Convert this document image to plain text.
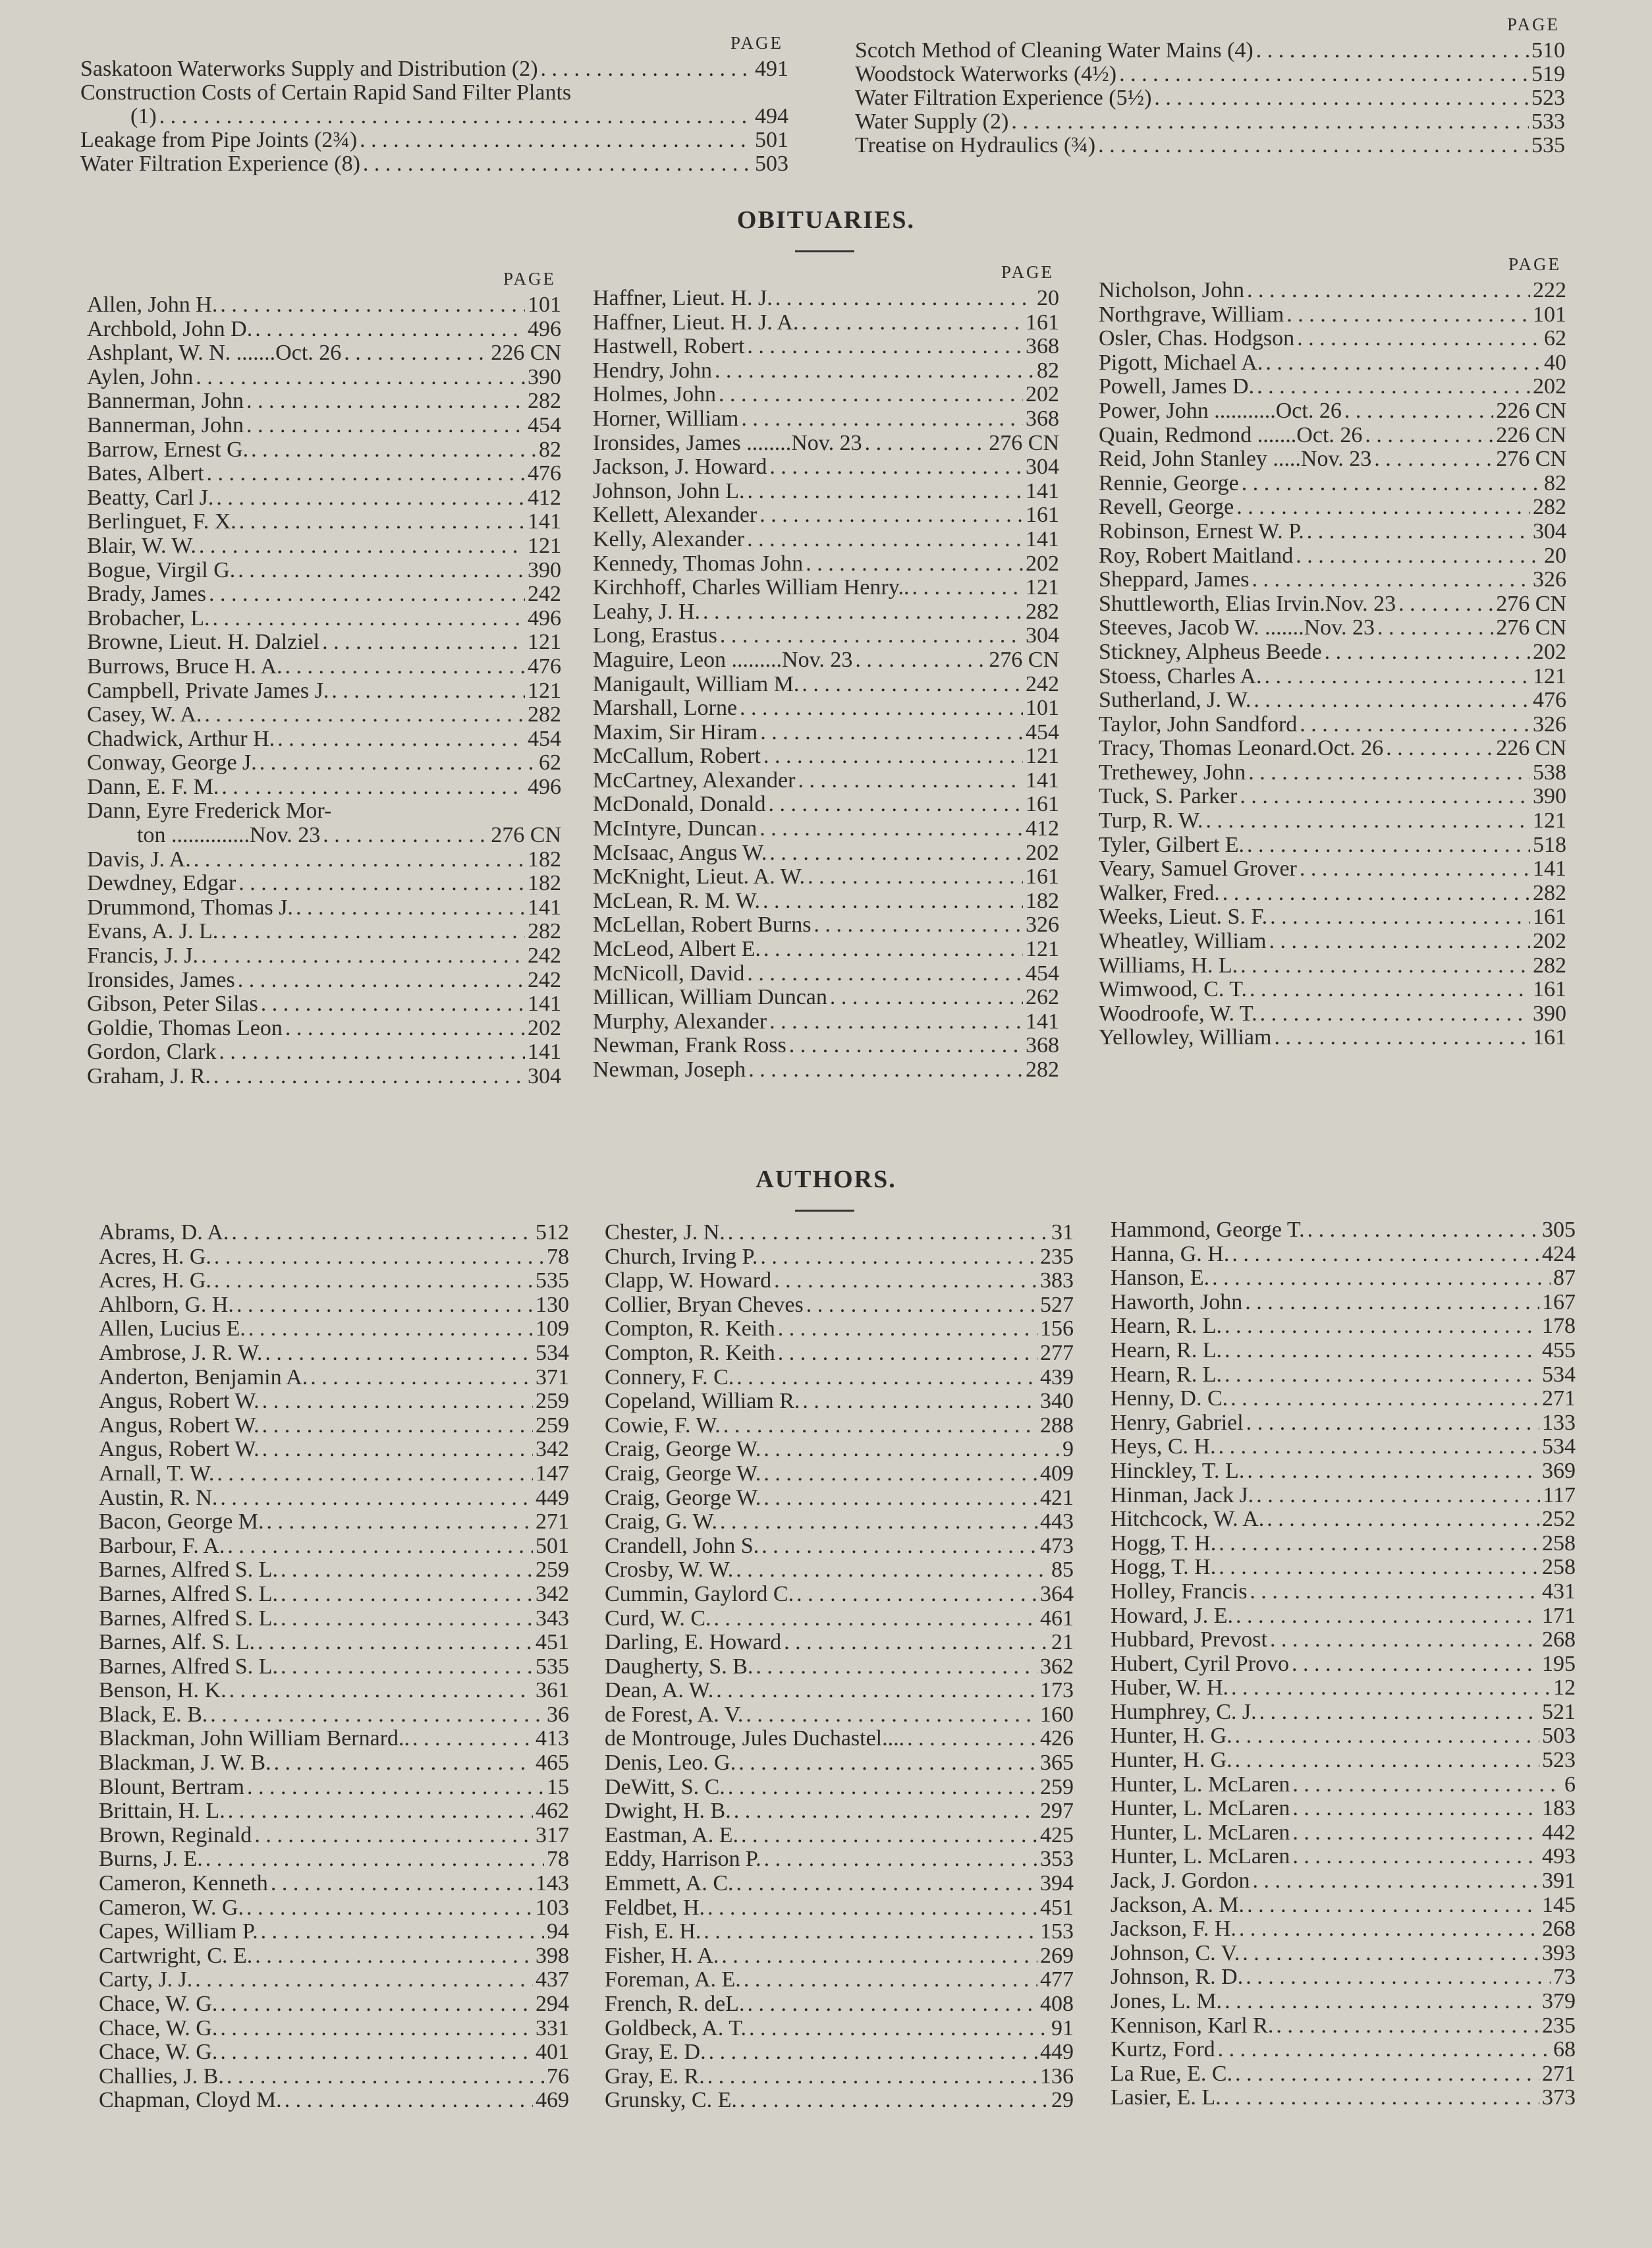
PAGE
Saskatoon Waterworks Supply and Distribution (2) . . .	491
Construction Costs of Certain Rapid Sand Filter Plants
(1) . . .	494
Leakage from Pipe Joints (2¾) . . .	501
Water Filtration Experience (8) . . .	503
PAGE
Scotch Method of Cleaning Water Mains (4) . . .	510
Woodstock Waterworks (4½) . . .	519
Water Filtration Experience (5½) . . .	523
Water Supply (2) . . .	533
Treatise on Hydraulics (¾) . . .	535
OBITUARIES.
PAGE
Allen, John H. . . .	101
Archbold, John D. . . .	496
Ashplant, W. N. .......Oct. 26 . . .	226 CN
Aylen, John . . .	390
Bannerman, John . . .	282
Bannerman, John . . .	454
Barrow, Ernest G. . . .	82
Bates, Albert . . .	476
Beatty, Carl J. . . .	412
Berlinguet, F. X. . . .	141
Blair, W. W. . . .	121
Bogue, Virgil G. . . .	390
Brady, James . . .	242
Brobacher, L. . . .	496
Browne, Lieut. H. Dalziel . . .	121
Burrows, Bruce H. A. . . .	476
Campbell, Private James J. . . .	121
Casey, W. A. . . .	282
Chadwick, Arthur H. . . .	454
Conway, George J. . . .	62
Dann, E. F. M. . . .	496
Dann, Eyre Frederick Mor-
ton ..............Nov. 23 . . .	276 CN
Davis, J. A. . . .	182
Dewdney, Edgar . . .	182
Drummond, Thomas J. . . .	141
Evans, A. J. L. . . .	282
Francis, J. J. . . .	242
Ironsides, James . . .	242
Gibson, Peter Silas . . .	141
Goldie, Thomas Leon . . .	202
Gordon, Clark . . .	141
Graham, J. R. . . .	304
PAGE
Haffner, Lieut. H. J. . . .	20
Haffner, Lieut. H. J. A. . . .	161
Hastwell, Robert . . .	368
Hendry, John . . .	82
Holmes, John . . .	202
Horner, William . . .	368
Ironsides, James ........Nov. 23 . . .	276 CN
Jackson, J. Howard . . .	304
Johnson, John L. . . .	141
Kellett, Alexander . . .	161
Kelly, Alexander . . .	141
Kennedy, Thomas John . . .	202
Kirchhoff, Charles William Henry.. . . .	121
Leahy, J. H. . . .	282
Long, Erastus . . .	304
Maguire, Leon .........Nov. 23 . . .	276 CN
Manigault, William M. . . .	242
Marshall, Lorne . . .	101
Maxim, Sir Hiram . . .	454
McCallum, Robert . . .	121
McCartney, Alexander . . .	141
McDonald, Donald . . .	161
McIntyre, Duncan . . .	412
McIsaac, Angus W. . . .	202
McKnight, Lieut. A. W. . . .	161
McLean, R. M. W. . . .	182
McLellan, Robert Burns . . .	326
McLeod, Albert E. . . .	121
McNicoll, David . . .	454
Millican, William Duncan . . .	262
Murphy, Alexander . . .	141
Newman, Frank Ross . . .	368
Newman, Joseph . . .	282
PAGE
Nicholson, John . . .	222
Northgrave, William . . .	101
Osler, Chas. Hodgson . . .	62
Pigott, Michael A. . . .	40
Powell, James D. . . .	202
Power, John ...........Oct. 26 . . .	226 CN
Quain, Redmond .......Oct. 26 . . .	226 CN
Reid, John Stanley .....Nov. 23 . . .	276 CN
Rennie, George . . .	82
Revell, George . . .	282
Robinson, Ernest W. P. . . .	304
Roy, Robert Maitland . . .	20
Sheppard, James . . .	326
Shuttleworth, Elias Irvin.Nov. 23 . . .	276 CN
Steeves, Jacob W. .......Nov. 23 . . .	276 CN
Stickney, Alpheus Beede . . .	202
Stoess, Charles A. . . .	121
Sutherland, J. W. . . .	476
Taylor, John Sandford . . .	326
Tracy, Thomas Leonard.Oct. 26 . . .	226 CN
Trethewey, John . . .	538
Tuck, S. Parker . . .	390
Turp, R. W. . . .	121
Tyler, Gilbert E. . . .	518
Veary, Samuel Grover . . .	141
Walker, Fred. . . .	282
Weeks, Lieut. S. F. . . .	161
Wheatley, William . . .	202
Williams, H. L. . . .	282
Wimwood, C. T. . . .	161
Woodroofe, W. T. . . .	390
Yellowley, William . . .	161
AUTHORS.
Abrams, D. A. . . .	512
Acres, H. G. . . .	78
Acres, H. G. . . .	535
Ahlborn, G. H. . . .	130
Allen, Lucius E. . . .	109
Ambrose, J. R. W. . . .	534
Anderton, Benjamin A. . . .	371
Angus, Robert W. . . .	259
Angus, Robert W. . . .	259
Angus, Robert W. . . .	342
Arnall, T. W. . . .	147
Austin, R. N. . . .	449
Bacon, George M. . . .	271
Barbour, F. A. . . .	501
Barnes, Alfred S. L. . . .	259
Barnes, Alfred S. L. . . .	342
Barnes, Alfred S. L. . . .	343
Barnes, Alf. S. L. . . .	451
Barnes, Alfred S. L. . . .	535
Benson, H. K. . . .	361
Black, E. B. . . .	36
Blackman, John William Bernard.. . . .	413
Blackman, J. W. B. . . .	465
Blount, Bertram . . .	15
Brittain, H. L. . . .	462
Brown, Reginald . . .	317
Burns, J. E. . . .	78
Cameron, Kenneth . . .	143
Cameron, W. G. . . .	103
Capes, William P. . . .	94
Cartwright, C. E. . . .	398
Carty, J. J. . . .	437
Chace, W. G. . . .	294
Chace, W. G. . . .	331
Chace, W. G. . . .	401
Challies, J. B. . . .	76
Chapman, Cloyd M. . . .	469
Chester, J. N. . . .	31
Church, Irving P. . . .	235
Clapp, W. Howard . . .	383
Collier, Bryan Cheves . . .	527
Compton, R. Keith . . .	156
Compton, R. Keith . . .	277
Connery, F. C. . . .	439
Copeland, William R. . . .	340
Cowie, F. W. . . .	288
Craig, George W. . . .	9
Craig, George W. . . .	409
Craig, George W. . . .	421
Craig, G. W. . . .	443
Crandell, John S. . . .	473
Crosby, W. W. . . .	85
Cummin, Gaylord C. . . .	364
Curd, W. C. . . .	461
Darling, E. Howard . . .	21
Daugherty, S. B. . . .	362
Dean, A. W. . . .	173
de Forest, A. V. . . .	160
de Montrouge, Jules Duchastel.... . . .	426
Denis, Leo. G. . . .	365
DeWitt, S. C. . . .	259
Dwight, H. B. . . .	297
Eastman, A. E. . . .	425
Eddy, Harrison P. . . .	353
Emmett, A. C. . . .	394
Feldbet, H. . . .	451
Fish, E. H. . . .	153
Fisher, H. A. . . .	269
Foreman, A. E. . . .	477
French, R. deL. . . .	408
Goldbeck, A. T. . . .	91
Gray, E. D. . . .	449
Gray, E. R. . . .	136
Grunsky, C. E. . . .	29
Hammond, George T. . . .	305
Hanna, G. H. . . .	424
Hanson, E. . . .	87
Haworth, John . . .	167
Hearn, R. L. . . .	178
Hearn, R. L. . . .	455
Hearn, R. L. . . .	534
Henny, D. C. . . .	271
Henry, Gabriel . . .	133
Heys, C. H. . . .	534
Hinckley, T. L. . . .	369
Hinman, Jack J. . . .	117
Hitchcock, W. A. . . .	252
Hogg, T. H. . . .	258
Hogg, T. H. . . .	258
Holley, Francis . . .	431
Howard, J. E. . . .	171
Hubbard, Prevost . . .	268
Hubert, Cyril Provo . . .	195
Huber, W. H. . . .	12
Humphrey, C. J. . . .	521
Hunter, H. G. . . .	503
Hunter, H. G. . . .	523
Hunter, L. McLaren . . .	6
Hunter, L. McLaren . . .	183
Hunter, L. McLaren . . .	442
Hunter, L. McLaren . . .	493
Jack, J. Gordon . . .	391
Jackson, A. M. . . .	145
Jackson, F. H. . . .	268
Johnson, C. V. . . .	393
Johnson, R. D. . . .	73
Jones, L. M. . . .	379
Kennison, Karl R. . . .	235
Kurtz, Ford . . .	68
La Rue, E. C. . . .	271
Lasier, E. L. . . .	373
